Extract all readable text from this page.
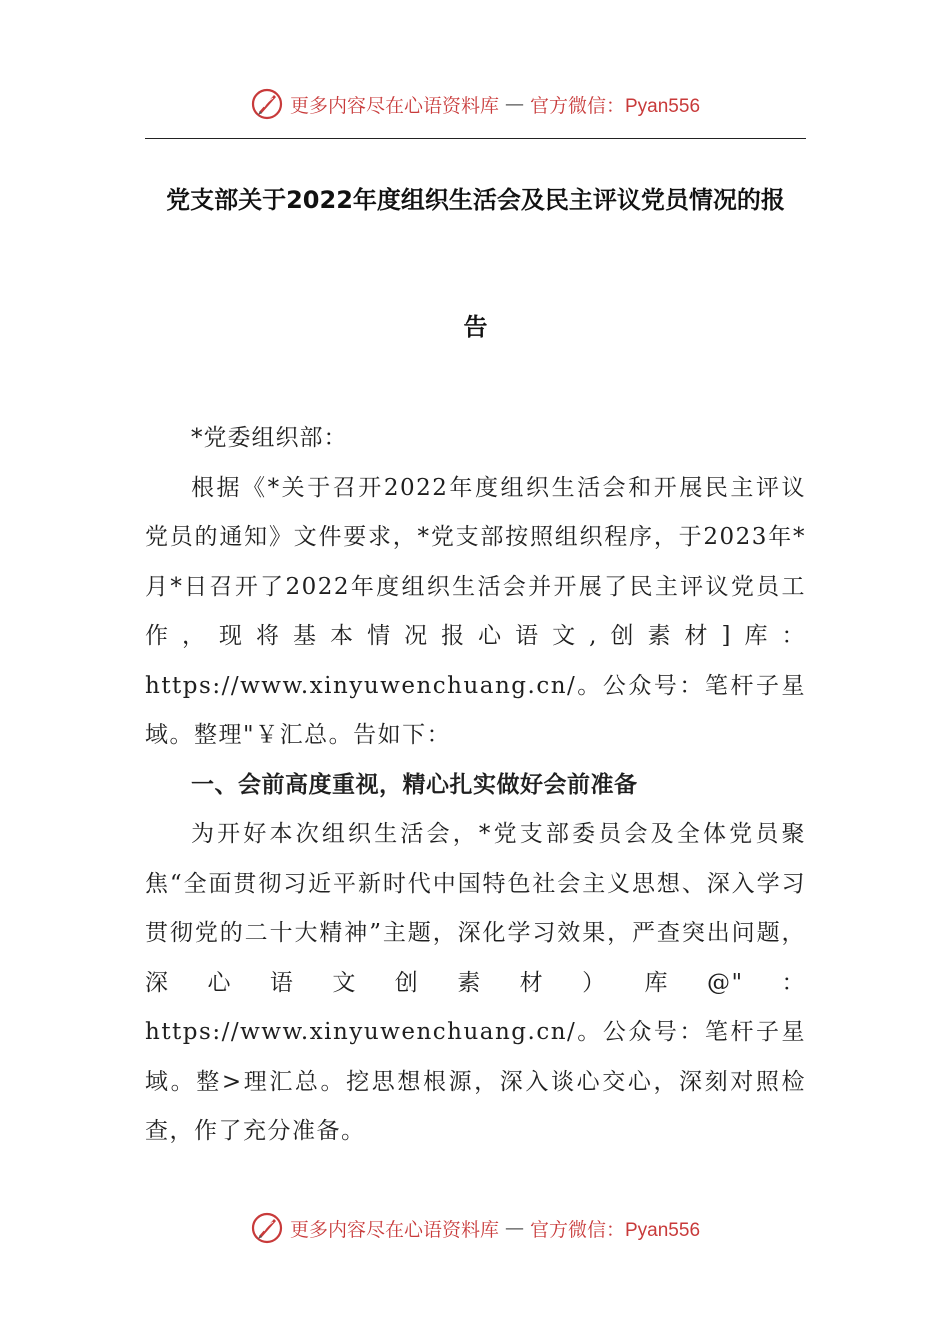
更多内容尽在心语资料库 — 官方微信：Pyan556
党支部关于2022年度组织生活会及民主评议党员情况的报
告

*党委组织部：

根据《*关于召开2022年度组织生活会和开展民主评议党员的通知》文件要求，*党支部按照组织程序，于2023年*月*日召开了2022年度组织生活会并开展了民主评议党员工作，现将基本情况报心语文,创素材]库：https://www.xinyuwenchuang.cn/。公众号：笔杆子星域。整理"￥汇总。告如下：

一、会前高度重视，精心扎实做好会前准备

为开好本次组织生活会，*党支部委员会及全体党员聚焦“全面贯彻习近平新时代中国特色社会主义思想、深入学习贯彻党的二十大精神”主题，深化学习效果，严查突出问题，深心语文创素材）库@"：https://www.xinyuwenchuang.cn/。公众号：笔杆子星域。整>理汇总。挖思想根源，深入谈心交心，深刻对照检查，作了充分准备。

更多内容尽在心语资料库 — 官方微信：Pyan556
